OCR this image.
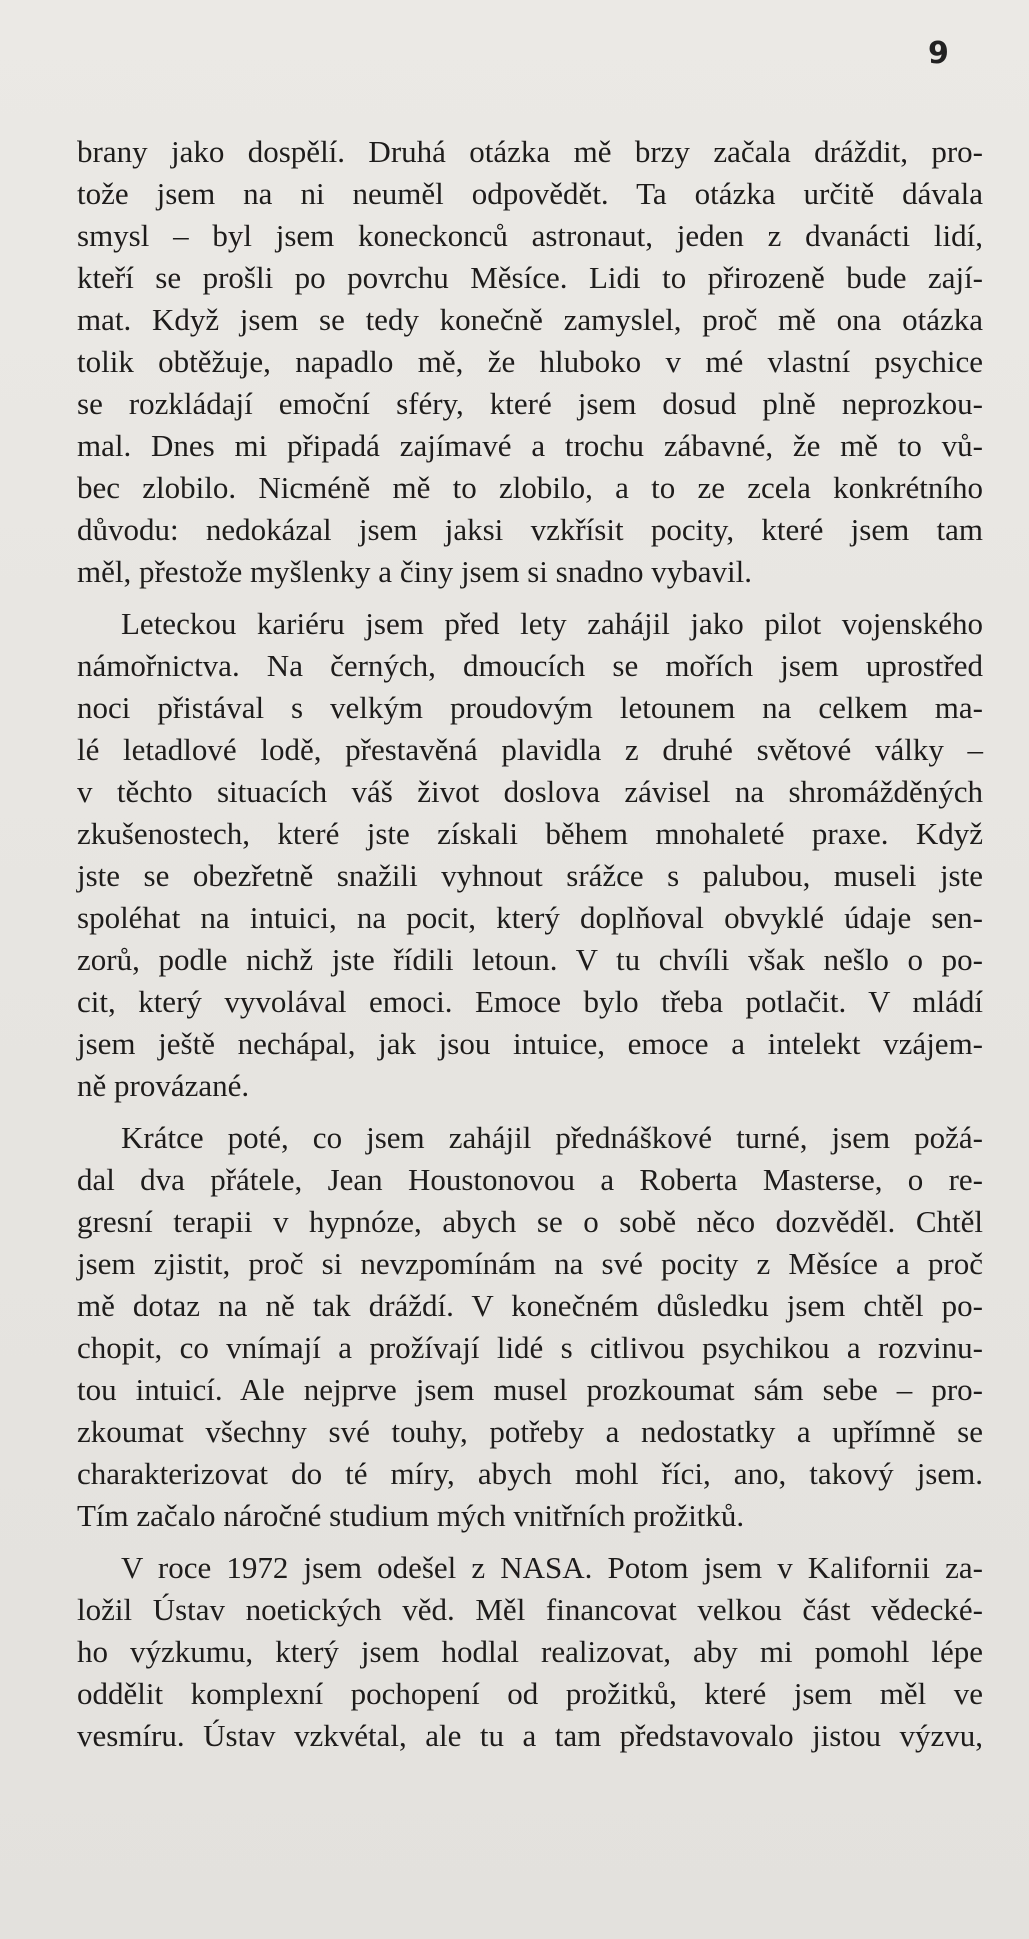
9
brany jako dospělí. Druhá otázka mě brzy začala dráždit, pro-
tože jsem na ni neuměl odpovědět. Ta otázka určitě dávala
smysl – byl jsem koneckonců astronaut, jeden z dvanácti lidí,
kteří se prošli po povrchu Měsíce. Lidi to přirozeně bude zají-
mat. Když jsem se tedy konečně zamyslel, proč mě ona otázka
tolik obtěžuje, napadlo mě, že hluboko v mé vlastní psychice
se rozkládají emoční sféry, které jsem dosud plně neprozkou-
mal. Dnes mi připadá zajímavé a trochu zábavné, že mě to vů-
bec zlobilo. Nicméně mě to zlobilo, a to ze zcela konkrétního
důvodu: nedokázal jsem jaksi vzkřísit pocity, které jsem tam
měl, přestože myšlenky a činy jsem si snadno vybavil.
Leteckou kariéru jsem před lety zahájil jako pilot vojenského
námořnictva. Na černých, dmoucích se mořích jsem uprostřed
noci přistával s velkým proudovým letounem na celkem ma-
lé letadlové lodě, přestavěná plavidla z druhé světové války –
v těchto situacích váš život doslova závisel na shromážděných
zkušenostech, které jste získali během mnohaleté praxe. Když
jste se obezřetně snažili vyhnout srážce s palubou, museli jste
spoléhat na intuici, na pocit, který doplňoval obvyklé údaje sen-
zorů, podle nichž jste řídili letoun. V tu chvíli však nešlo o po-
cit, který vyvolával emoci. Emoce bylo třeba potlačit. V mládí
jsem ještě nechápal, jak jsou intuice, emoce a intelekt vzájem-
ně provázané.
Krátce poté, co jsem zahájil přednáškové turné, jsem požá-
dal dva přátele, Jean Houstonovou a Roberta Masterse, o re-
gresní terapii v hypnóze, abych se o sobě něco dozvěděl. Chtěl
jsem zjistit, proč si nevzpomínám na své pocity z Měsíce a proč
mě dotaz na ně tak dráždí. V konečném důsledku jsem chtěl po-
chopit, co vnímají a prožívají lidé s citlivou psychikou a rozvinu-
tou intuicí. Ale nejprve jsem musel prozkoumat sám sebe – pro-
zkoumat všechny své touhy, potřeby a nedostatky a upřímně se
charakterizovat do té míry, abych mohl říci, ano, takový jsem.
Tím začalo náročné studium mých vnitřních prožitků.
V roce 1972 jsem odešel z NASA. Potom jsem v Kalifornii za-
ložil Ústav noetických věd. Měl financovat velkou část vědecké-
ho výzkumu, který jsem hodlal realizovat, aby mi pomohl lépe
oddělit komplexní pochopení od prožitků, které jsem měl ve
vesmíru. Ústav vzkvétal, ale tu a tam představovalo jistou výzvu,
